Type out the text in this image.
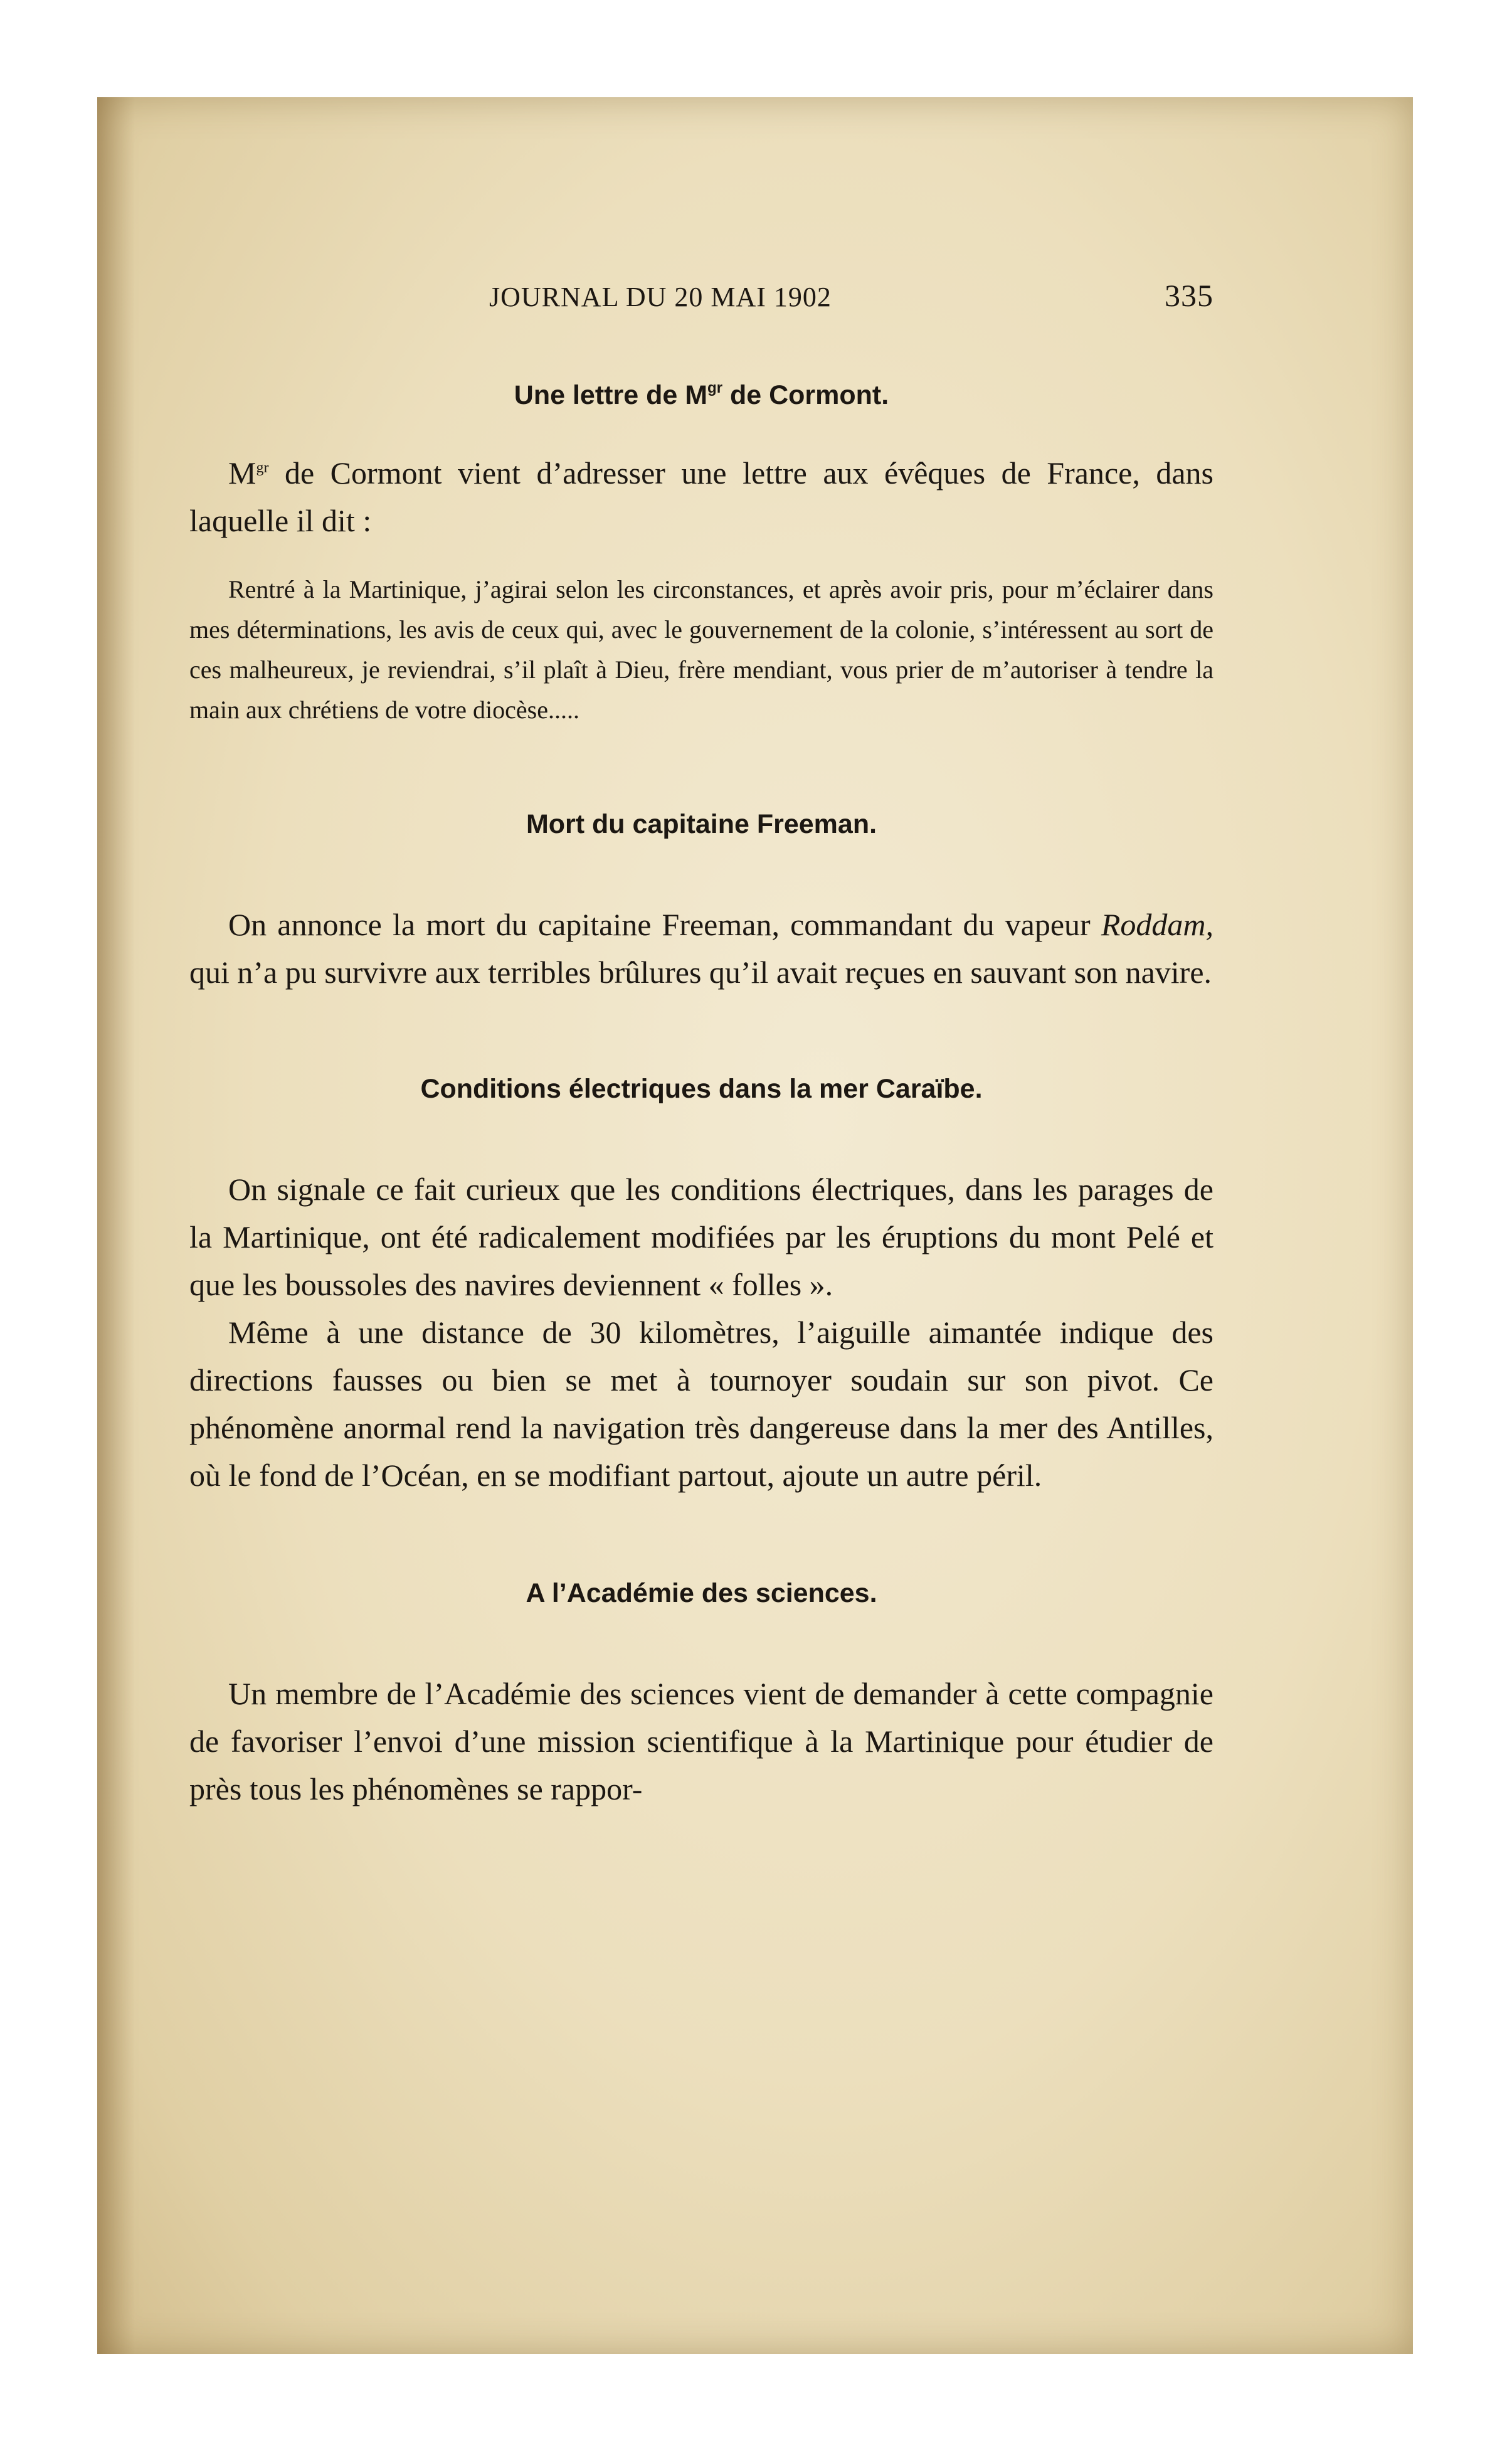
JOURNAL DU 20 MAI 1902	335
Une lettre de $M^{gr}$ de Cormont.

$M^{gr}$ de Cormont vient d’adresser une lettre aux évêques de France, dans laquelle il dit :

Rentré à la Martinique, j’agirai selon les circonstances, et après avoir pris, pour m’éclairer dans mes déterminations, les avis de ceux qui, avec le gouvernement de la colonie, s’intéressent au sort de ces malheureux, je reviendrai, s’il plaît à Dieu, frère mendiant, vous prier de m’autoriser à tendre la main aux chrétiens de votre diocèse.....

Mort du capitaine Freeman.

On annonce la mort du capitaine Freeman, commandant du vapeur Roddam, qui n’a pu survivre aux terribles brûlures qu’il avait reçues en sauvant son navire.

Conditions électriques dans la mer Caraïbe.

On signale ce fait curieux que les conditions électriques, dans les parages de la Martinique, ont été radicalement modifiées par les éruptions du mont Pelé et que les boussoles des navires deviennent « folles ».

Même à une distance de 30 kilomètres, l’aiguille aimantée indique des directions fausses ou bien se met à tournoyer soudain sur son pivot. Ce phénomène anormal rend la navigation très dangereuse dans la mer des Antilles, où le fond de l’Océan, en se modifiant partout, ajoute un autre péril.

A l’Académie des sciences.

Un membre de l’Académie des sciences vient de demander à cette compagnie de favoriser l’envoi d’une mission scientifique à la Martinique pour étudier de près tous les phénomènes se rappor-
